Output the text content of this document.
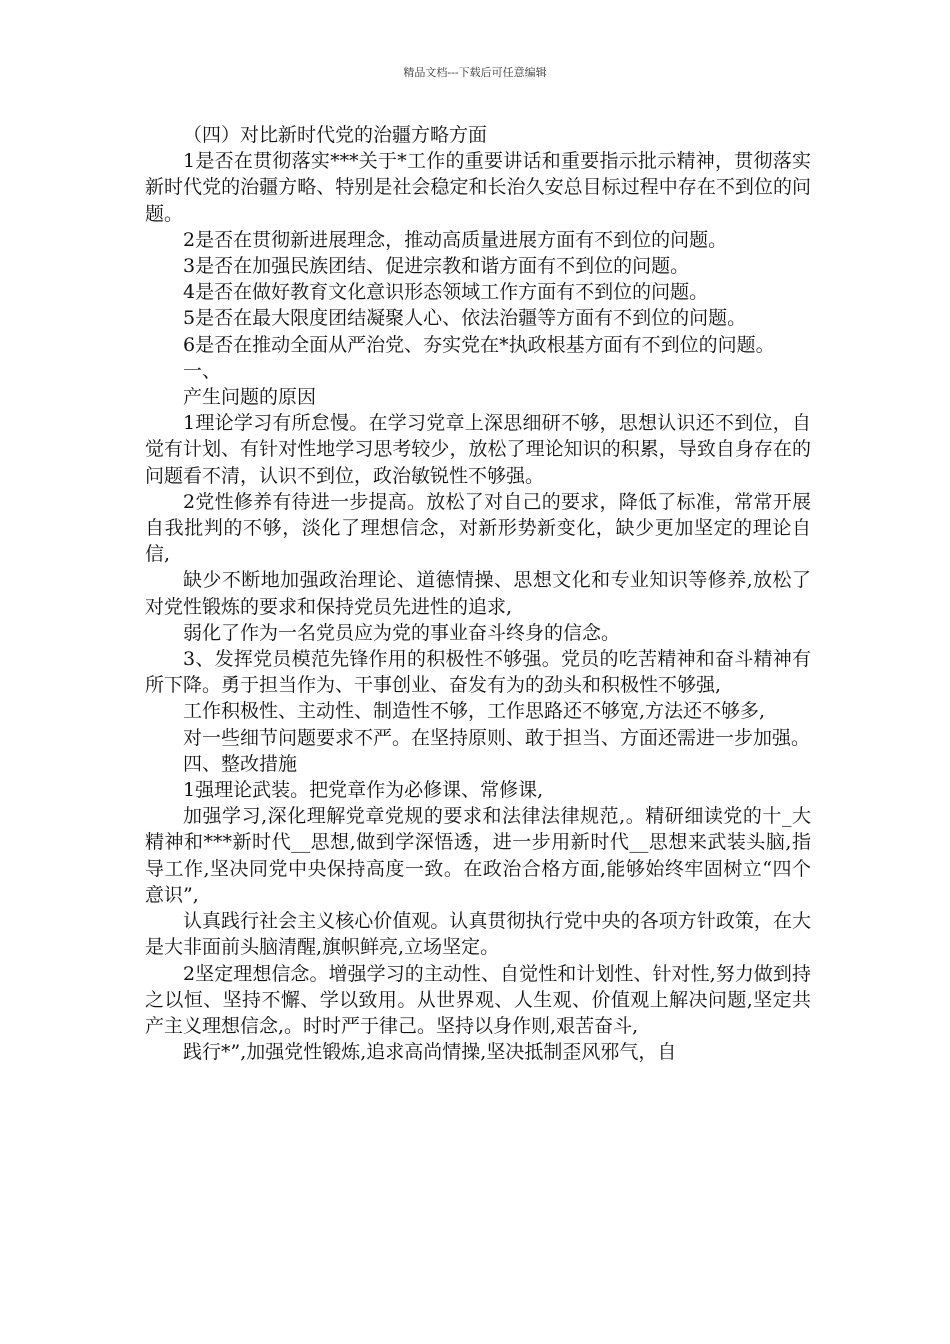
精品文档---下载后可任意编辑

（四）对比新时代党的治疆方略方面

1是否在贯彻落实***关于*工作的重要讲话和重要指示批示精神，贯彻落实新时代党的治疆方略、特别是社会稳定和长治久安总目标过程中存在不到位的问题。

2是否在贯彻新进展理念，推动高质量进展方面有不到位的问题。

3是否在加强民族团结、促进宗教和谐方面有不到位的问题。

4是否在做好教育文化意识形态领域工作方面有不到位的问题。

5是否在最大限度团结凝聚人心、依法治疆等方面有不到位的问题。

6是否在推动全面从严治党、夯实党在*执政根基方面有不到位的问题。

一、

产生问题的原因

1理论学习有所怠慢。在学习党章上深思细研不够，思想认识还不到位，自觉有计划、有针对性地学习思考较少，放松了理论知识的积累，导致自身存在的问题看不清，认识不到位，政治敏锐性不够强。

2党性修养有待进一步提高。放松了对自己的要求，降低了标准，常常开展自我批判的不够，淡化了理想信念，对新形势新变化，缺少更加坚定的理论自信,

缺少不断地加强政治理论、道德情操、思想文化和专业知识等修养,放松了对党性锻炼的要求和保持党员先进性的追求,

弱化了作为一名党员应为党的事业奋斗终身的信念。

3、发挥党员模范先锋作用的积极性不够强。党员的吃苦精神和奋斗精神有所下降。勇于担当作为、干事创业、奋发有为的劲头和积极性不够强,

工作积极性、主动性、制造性不够，工作思路还不够宽,方法还不够多,

对一些细节问题要求不严。在坚持原则、敢于担当、方面还需进一步加强。

四、整改措施

1强理论武装。把党章作为必修课、常修课,

加强学习,深化理解党章党规的要求和法律法律规范,。精研细读党的十_大精神和***新时代__思想,做到学深悟透，进一步用新时代__思想来武装头脑,指导工作,坚决同党中央保持高度一致。在政治合格方面,能够始终牢固树立“四个意识”,

认真践行社会主义核心价值观。认真贯彻执行党中央的各项方针政策，在大是大非面前头脑清醒,旗帜鲜亮,立场坚定。

2坚定理想信念。增强学习的主动性、自觉性和计划性、针对性,努力做到持之以恒、坚持不懈、学以致用。从世界观、人生观、价值观上解决问题,坚定共产主义理想信念,。时时严于律己。坚持以身作则,艰苦奋斗,

践行*”,加强党性锻炼,追求高尚情操,坚决抵制歪风邪气，自
